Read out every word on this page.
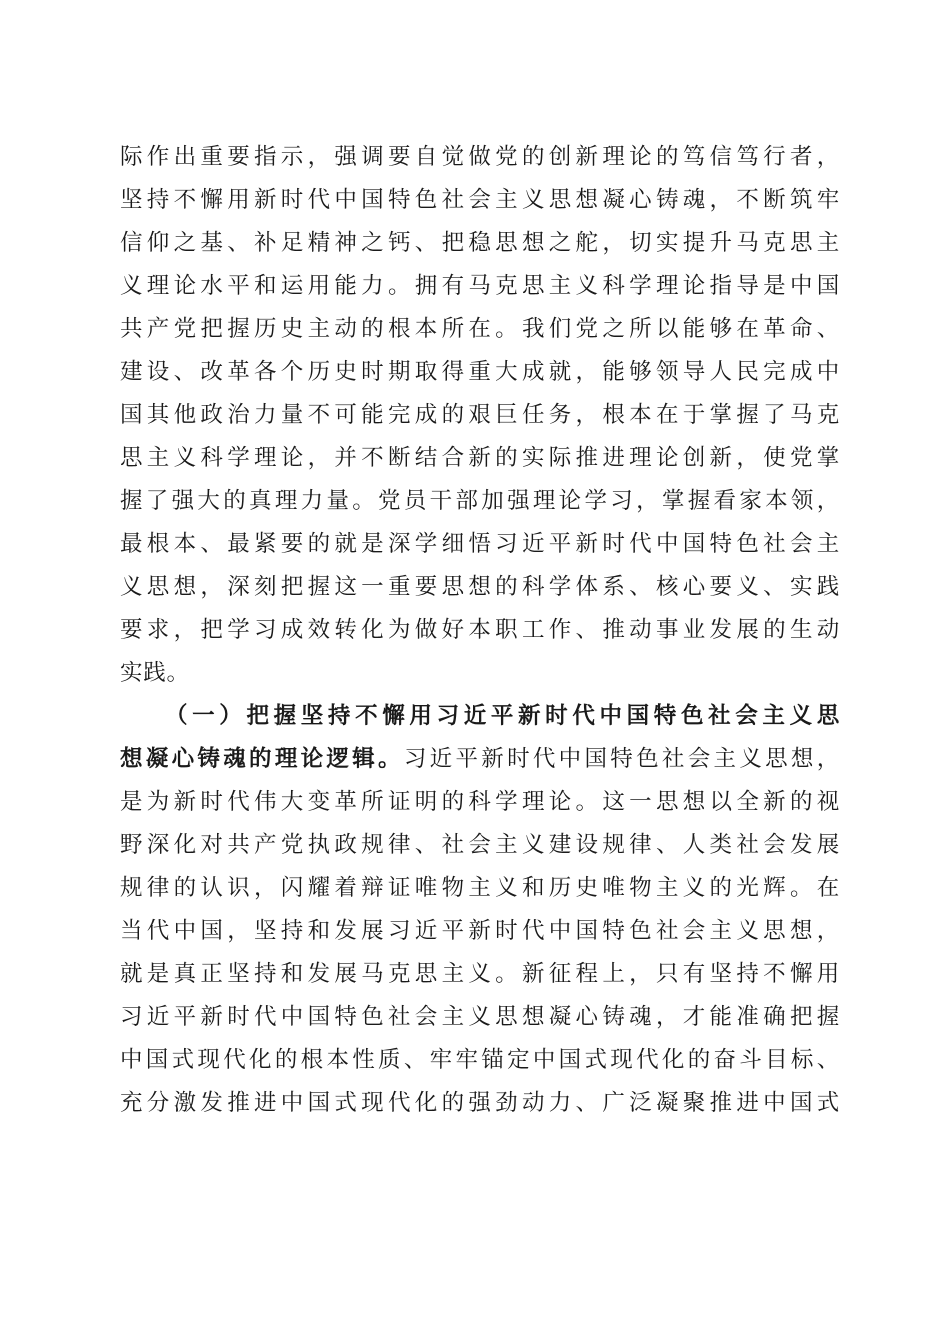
际作出重要指示，强调要自觉做党的创新理论的笃信笃行者，
坚持不懈用新时代中国特色社会主义思想凝心铸魂，不断筑牢
信仰之基、补足精神之钙、把稳思想之舵，切实提升马克思主
义理论水平和运用能力。拥有马克思主义科学理论指导是中国
共产党把握历史主动的根本所在。我们党之所以能够在革命、
建设、改革各个历史时期取得重大成就，能够领导人民完成中
国其他政治力量不可能完成的艰巨任务，根本在于掌握了马克
思主义科学理论，并不断结合新的实际推进理论创新，使党掌
握了强大的真理力量。党员干部加强理论学习，掌握看家本领，
最根本、最紧要的就是深学细悟习近平新时代中国特色社会主
义思想，深刻把握这一重要思想的科学体系、核心要义、实践
要求，把学习成效转化为做好本职工作、推动事业发展的生动
实践。
（一）把握坚持不懈用习近平新时代中国特色社会主义思
想凝心铸魂的理论逻辑。习近平新时代中国特色社会主义思想，
是为新时代伟大变革所证明的科学理论。这一思想以全新的视
野深化对共产党执政规律、社会主义建设规律、人类社会发展
规律的认识，闪耀着辩证唯物主义和历史唯物主义的光辉。在
当代中国，坚持和发展习近平新时代中国特色社会主义思想，
就是真正坚持和发展马克思主义。新征程上，只有坚持不懈用
习近平新时代中国特色社会主义思想凝心铸魂，才能准确把握
中国式现代化的根本性质、牢牢锚定中国式现代化的奋斗目标、
充分激发推进中国式现代化的强劲动力、广泛凝聚推进中国式
